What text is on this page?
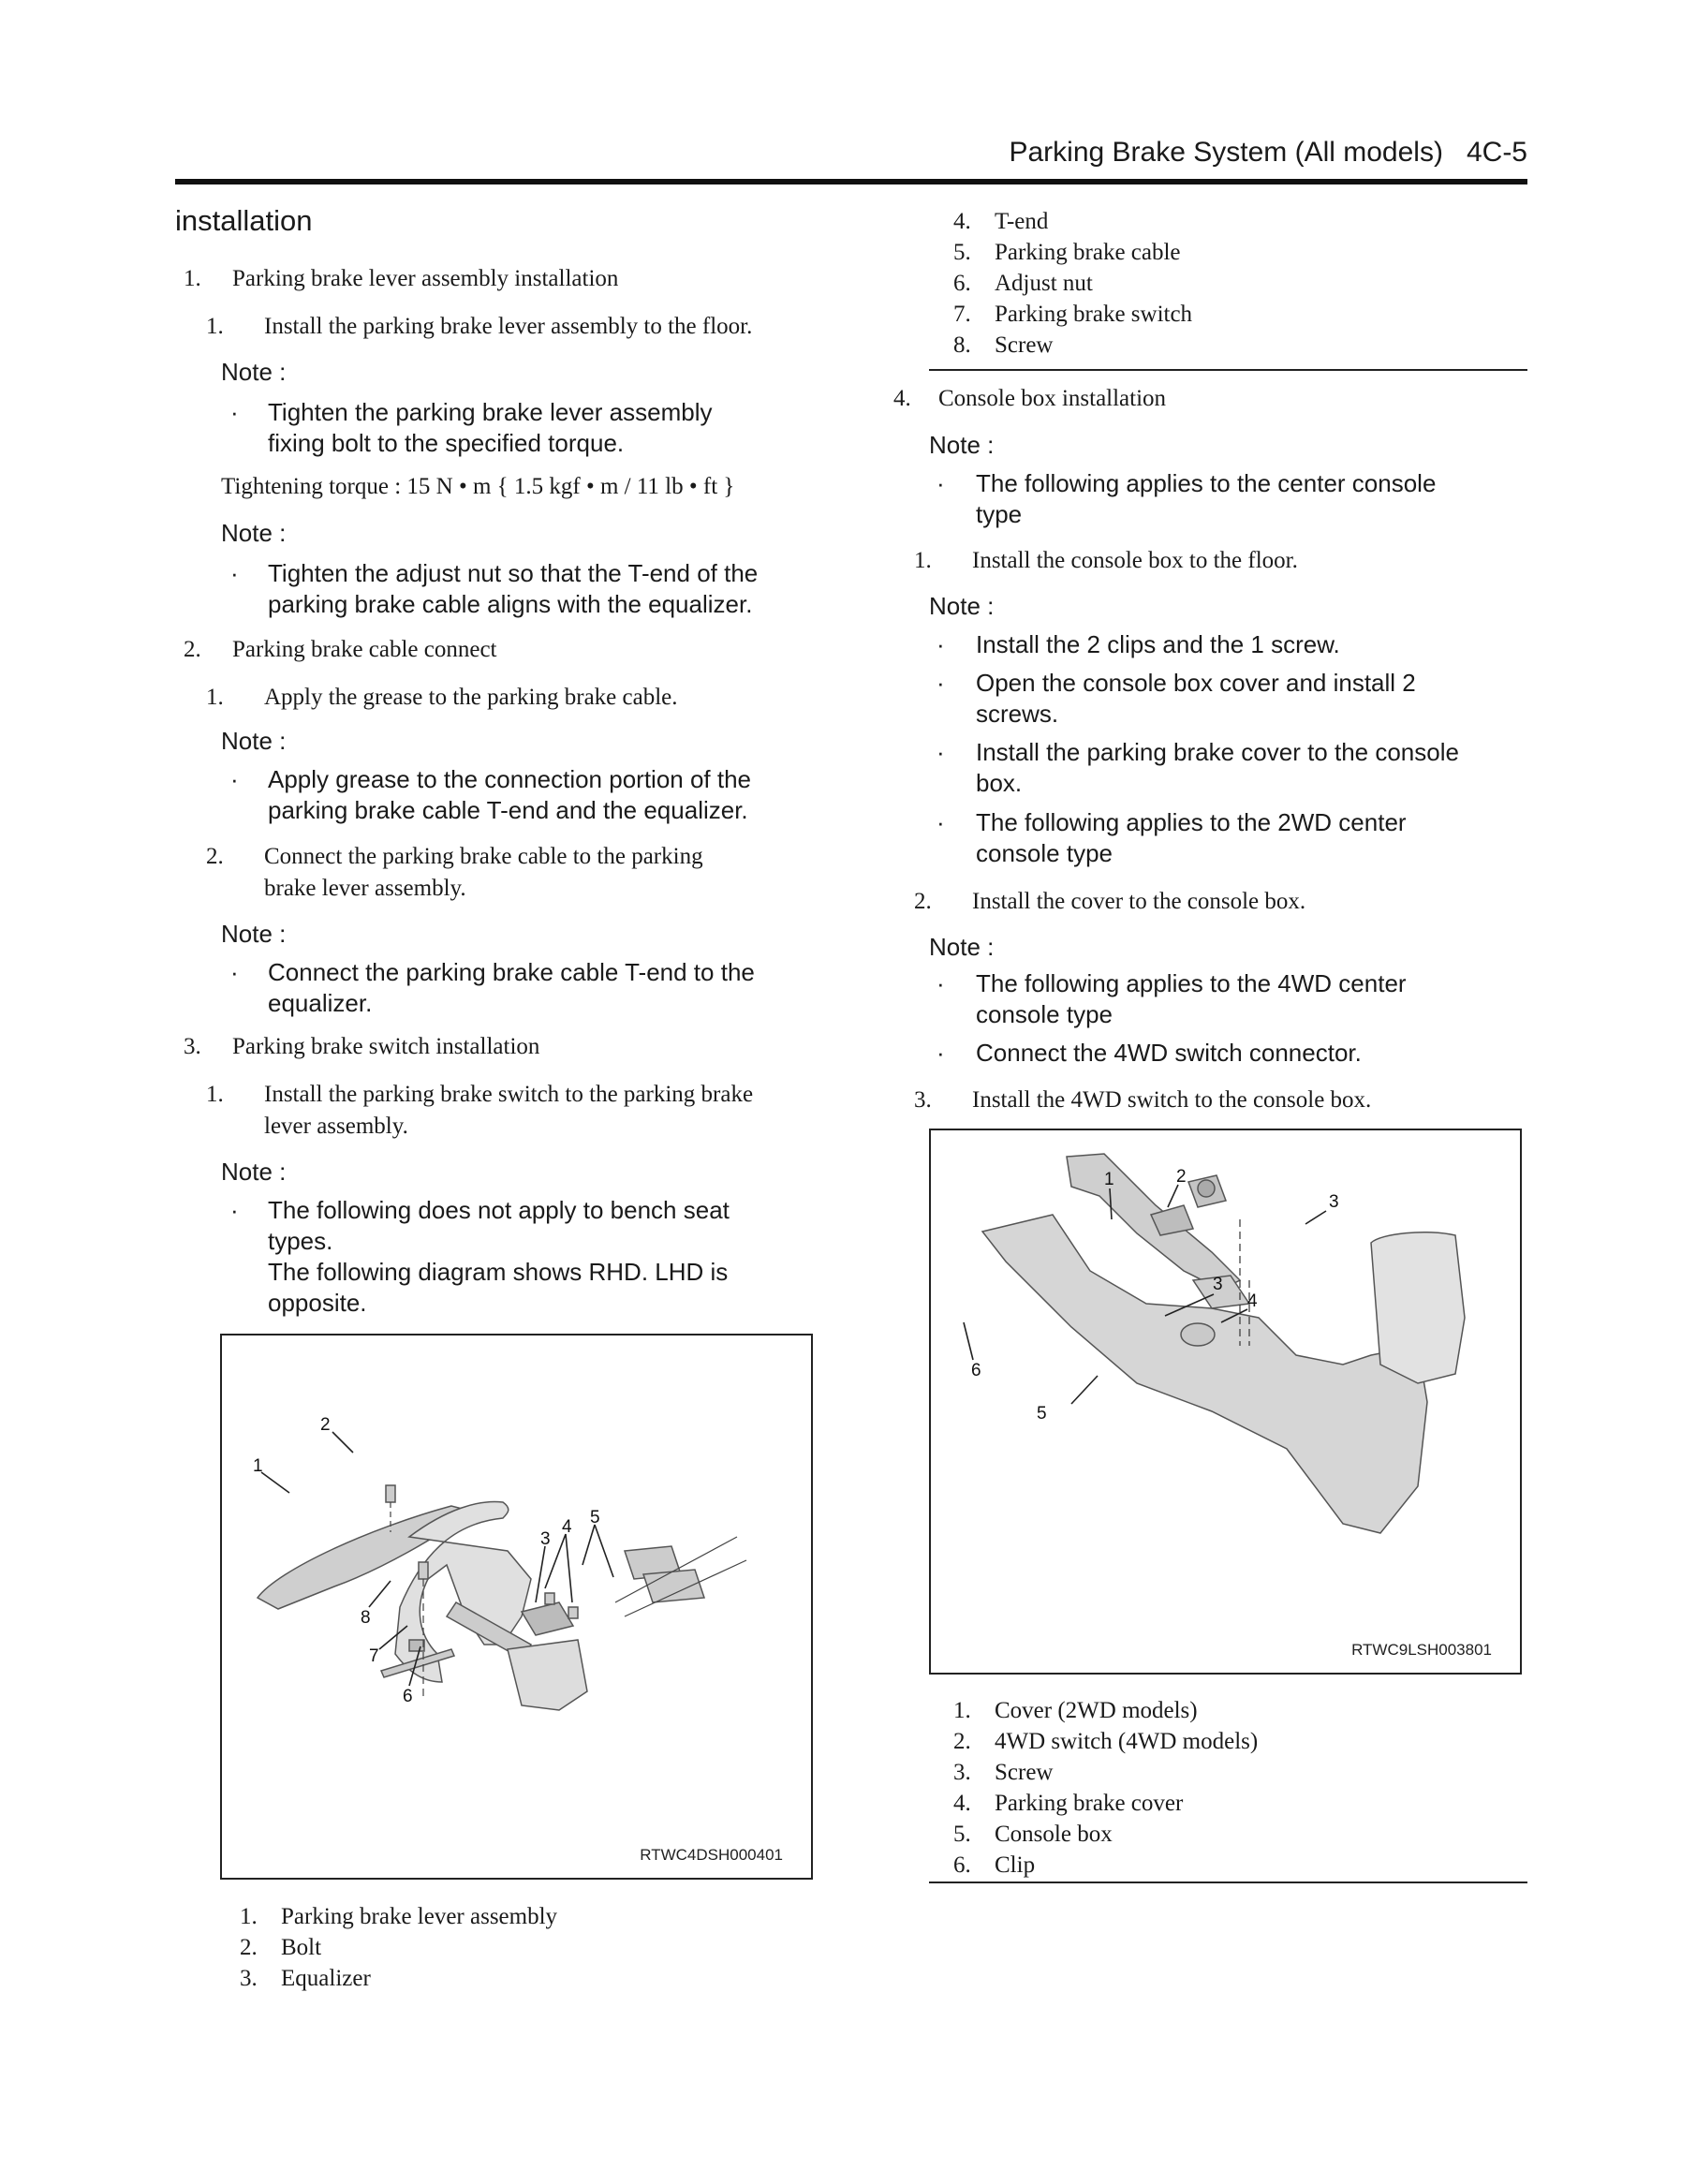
Parking Brake System (All models)   4C-5
installation
1. Parking brake lever assembly installation
1. Install the parking brake lever assembly to the floor.
Note :
· Tighten the parking brake lever assembly
fixing bolt to the specified torque.
Tightening torque : 15 N • m { 1.5 kgf • m / 11 lb • ft }
Note :
· Tighten the adjust nut so that the T-end of the
parking brake cable aligns with the equalizer.
2. Parking brake cable connect
1. Apply the grease to the parking brake cable.
Note :
· Apply grease to the connection portion of the
parking brake cable T-end and the equalizer.
2. Connect the parking brake cable to the parking
brake lever assembly.
Note :
· Connect the parking brake cable T-end to the
equalizer.
3. Parking brake switch installation
1. Install the parking brake switch to the parking brake
lever assembly.
Note :
· The following does not apply to bench seat
types.
The following diagram shows RHD. LHD is
opposite.
1
2
3
4 5
6
7
8
RTWC4DSH000401
1. Parking brake lever assembly
2. Bolt
3. Equalizer
4. T-end
5. Parking brake cable
6. Adjust nut
7. Parking brake switch
8. Screw
4. Console box installation
Note :
· The following applies to the center console
type
1. Install the console box to the floor.
Note :
· Install the 2 clips and the 1 screw.
· Open the console box cover and install 2
screws.
· Install the parking brake cover to the console
box.
· The following applies to the 2WD center
console type
2. Install the cover to the console box.
Note :
· The following applies to the 4WD center
console type
· Connect the 4WD switch connector.
3. Install the 4WD switch to the console box.
1	2
3
3
4
5
6
RTWC9LSH003801
1. Cover (2WD models)
2. 4WD switch (4WD models)
3. Screw
4. Parking brake cover
5. Console box
6. Clip
